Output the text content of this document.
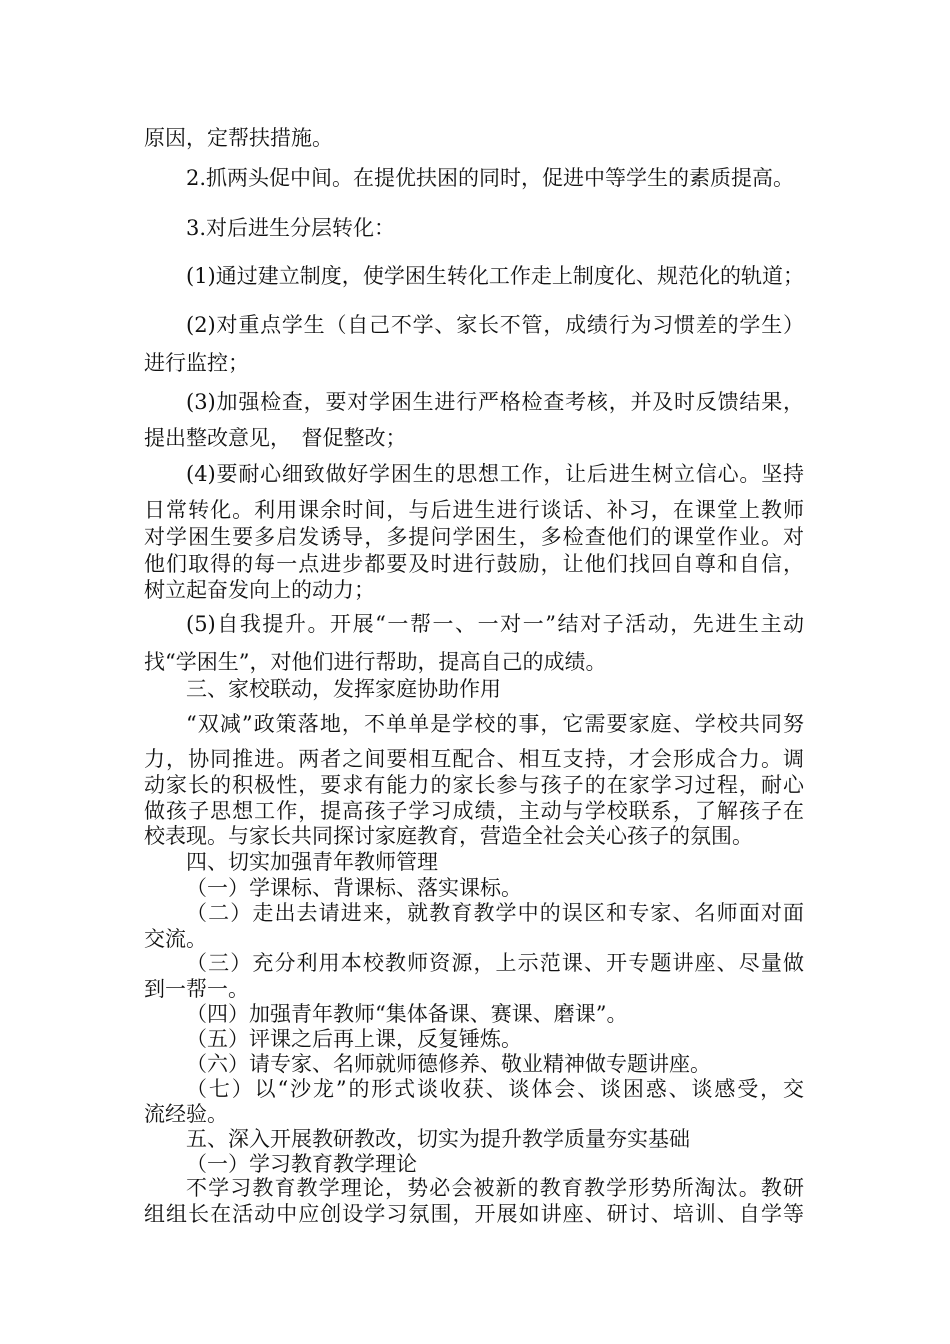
原因，定帮扶措施。
2.抓两头促中间。在提优扶困的同时，促进中等学生的素质提高。
3.对后进生分层转化：
(1)通过建立制度，使学困生转化工作走上制度化、规范化的轨道；
(2)对重点学生（自己不学、家长不管，成绩行为习惯差的学生）
进行监控；
(3)加强检查，要对学困生进行严格检查考核，并及时反馈结果，
提出整改意见，　督促整改；
(4)要耐心细致做好学困生的思想工作，让后进生树立信心。坚持
日常转化。利用课余时间，与后进生进行谈话、补习，在课堂上教师
对学困生要多启发诱导，多提问学困生，多检查他们的课堂作业。对
他们取得的每一点进步都要及时进行鼓励，让他们找回自尊和自信，
树立起奋发向上的动力；
(5)自我提升。开展“一帮一、一对一”结对子活动，先进生主动
找“学困生”，对他们进行帮助，提高自己的成绩。
三、家校联动，发挥家庭协助作用
“双减”政策落地，不单单是学校的事，它需要家庭、学校共同努
力，协同推进。两者之间要相互配合、相互支持，才会形成合力。调
动家长的积极性，要求有能力的家长参与孩子的在家学习过程，耐心
做孩子思想工作，提高孩子学习成绩，主动与学校联系，了解孩子在
校表现。与家长共同探讨家庭教育，营造全社会关心孩子的氛围。
四、切实加强青年教师管理
（一）学课标、背课标、落实课标。
（二）走出去请进来，就教育教学中的误区和专家、名师面对面
交流。
（三）充分利用本校教师资源，上示范课、开专题讲座、尽量做
到一帮一。
（四）加强青年教师“集体备课、赛课、磨课”。
（五）评课之后再上课，反复锤炼。
（六）请专家、名师就师德修养、敬业精神做专题讲座。
（七）以“沙龙”的形式谈收获、谈体会、谈困惑、谈感受，交
流经验。
五、深入开展教研教改，切实为提升教学质量夯实基础
（一）学习教育教学理论
不学习教育教学理论，势必会被新的教育教学形势所淘汰。教研
组组长在活动中应创设学习氛围，开展如讲座、研讨、培训、自学等
